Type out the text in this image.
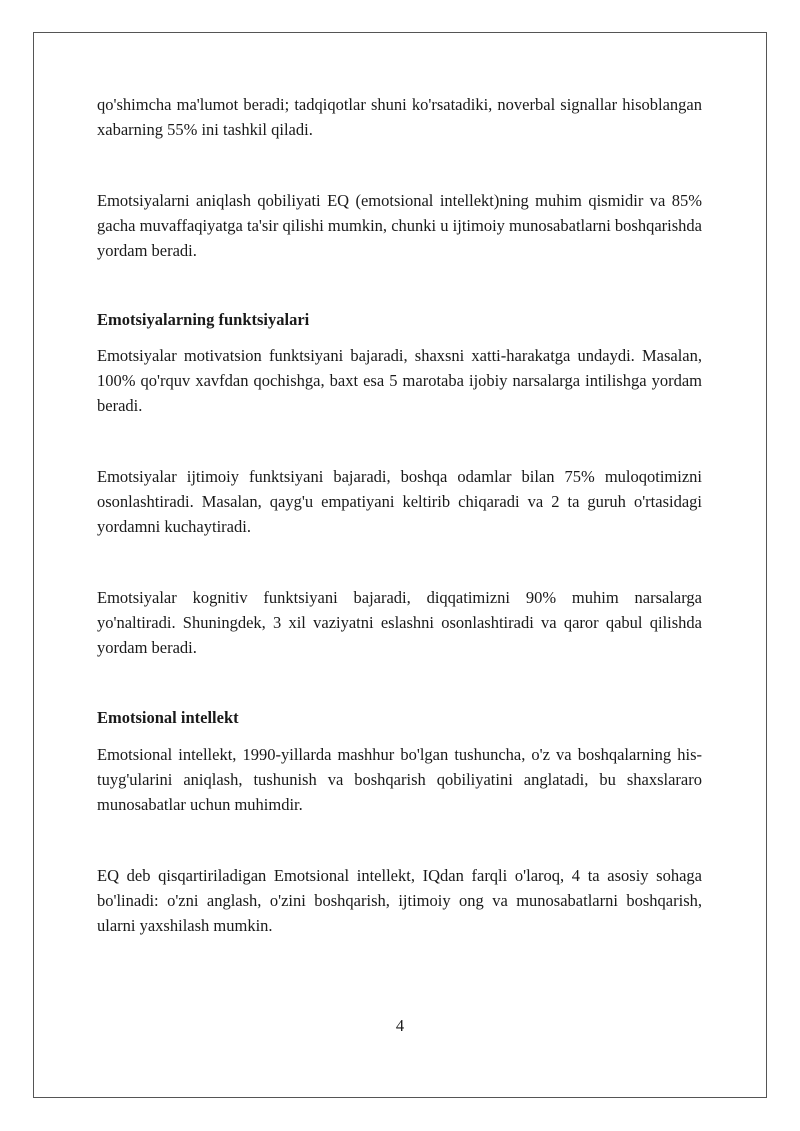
qo'shimcha ma'lumot beradi; tadqiqotlar shuni ko'rsatadiki, noverbal signallar hisoblangan xabarning 55% ini tashkil qiladi.

Emotsiyalarni aniqlash qobiliyati EQ (emotsional intellekt)ning muhim qismidir va 85% gacha muvaffaqiyatga ta'sir qilishi mumkin, chunki u ijtimoiy munosabatlarni boshqarishda yordam beradi.

Emotsiyalarning funktsiyalari

Emotsiyalar motivatsion funktsiyani bajaradi, shaxsni xatti-harakatga undaydi. Masalan, 100% qo'rquv xavfdan qochishga, baxt esa 5 marotaba ijobiy narsalarga intilishga yordam beradi.

Emotsiyalar ijtimoiy funktsiyani bajaradi, boshqa odamlar bilan 75% muloqotimizni osonlashtiradi. Masalan, qayg'u empatiyani keltirib chiqaradi va 2 ta guruh o'rtasidagi yordamni kuchaytiradi.

Emotsiyalar kognitiv funktsiyani bajaradi, diqqatimizni 90% muhim narsalarga yo'naltiradi. Shuningdek, 3 xil vaziyatni eslashni osonlashtiradi va qaror qabul qilishda yordam beradi.

Emotsional intellekt

Emotsional intellekt, 1990-yillarda mashhur bo'lgan tushuncha, o'z va boshqalarning his-tuyg'ularini aniqlash, tushunish va boshqarish qobiliyatini anglatadi, bu shaxslararo munosabatlar uchun muhimdir.

EQ deb qisqartiriladigan Emotsional intellekt, IQdan farqli o'laroq, 4 ta asosiy sohaga bo'linadi: o'zni anglash, o'zini boshqarish, ijtimoiy ong va munosabatlarni boshqarish, ularni yaxshilash mumkin.

4
